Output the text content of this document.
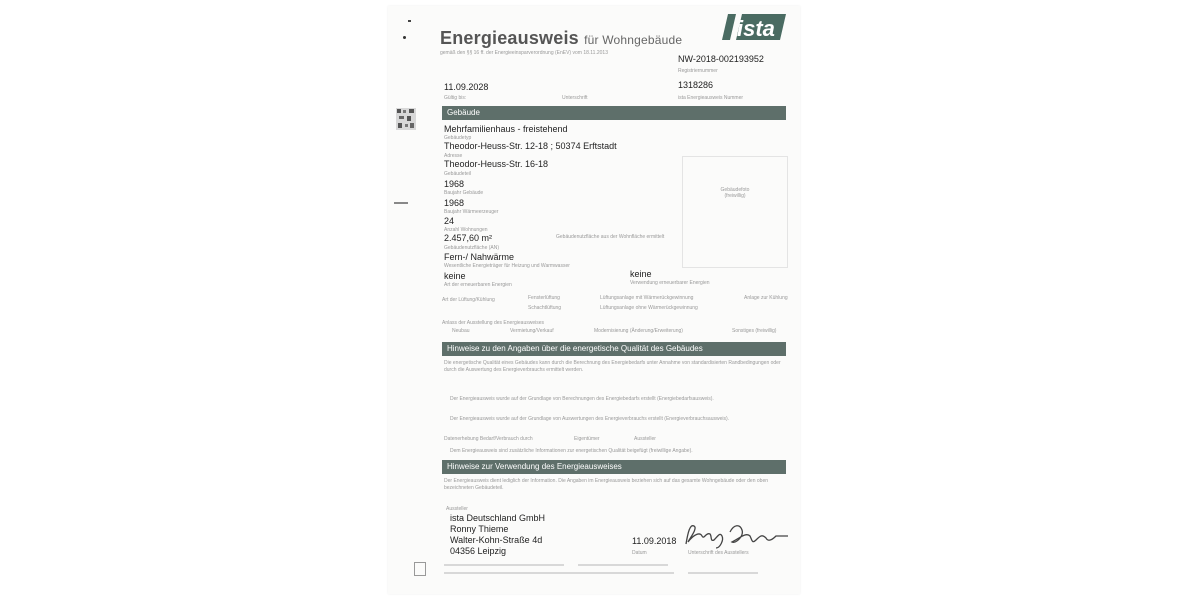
Energieausweis für Wohngebäude
gemäß den §§ 16 ff. der Energieeinsparverordnung (EnEV) vom 18.11.2013
ista
NW-2018-002193952
Registriernummer
11.09.2028
Gültig bis:	Unterschrift
1318286
ista Energieausweis Nummer
Gebäude
Mehrfamilienhaus - freistehend
Gebäudetyp
Theodor-Heuss-Str. 12-18 ; 50374 Erftstadt
Adresse
Theodor-Heuss-Str. 16-18
Gebäudeteil
1968
Baujahr Gebäude
1968
Baujahr Wärmeerzeuger
24
Anzahl Wohnungen
2.457,60 m²
Gebäudenutzfläche (AN)
Fern-/ Nahwärme
Wesentliche Energieträger für Heizung und Warmwasser
keine
Art der erneuerbaren Energien
Gebäudefoto (freiwillig)
Gebäudenutzfläche aus der Wohnfläche ermittelt
keine
Verwendung erneuerbarer Energien
Art der Lüftung/Kühlung	Fensterlüftung
Schachtlüftung
Lüftungsanlage mit Wärmerückgewinnung
Lüftungsanlage ohne Wärmerückgewinnung
Anlage zur Kühlung
Anlass der Ausstellung des Energieausweises
Neubau	Vermietung/Verkauf	Modernisierung (Änderung/Erweiterung)	Sonstiges (freiwillig)
Hinweise zu den Angaben über die energetische Qualität des Gebäudes
Die energetische Qualität eines Gebäudes kann durch die Berechnung des Energiebedarfs unter Annahme von standardisierten Randbedingungen oder durch die Auswertung des Energieverbrauchs ermittelt werden.
Der Energieausweis wurde auf der Grundlage von Berechnungen des Energiebedarfs erstellt (Energiebedarfsausweis).
Der Energieausweis wurde auf der Grundlage von Auswertungen des Energieverbrauchs erstellt (Energieverbrauchsausweis).
Datenerhebung Bedarf/Verbrauch durch	Eigentümer	Aussteller
Dem Energieausweis sind zusätzliche Informationen zur energetischen Qualität beigefügt (freiwillige Angabe).
Hinweise zur Verwendung des Energieausweises
Der Energieausweis dient lediglich der Information. Die Angaben im Energieausweis beziehen sich auf das gesamte Wohngebäude oder den oben bezeichneten Gebäudeteil.
Aussteller
ista Deutschland GmbH
Ronny Thieme
Walter-Kohn-Straße 4d
04356 Leipzig
11.09.2018
Datum	Unterschrift des Ausstellers
